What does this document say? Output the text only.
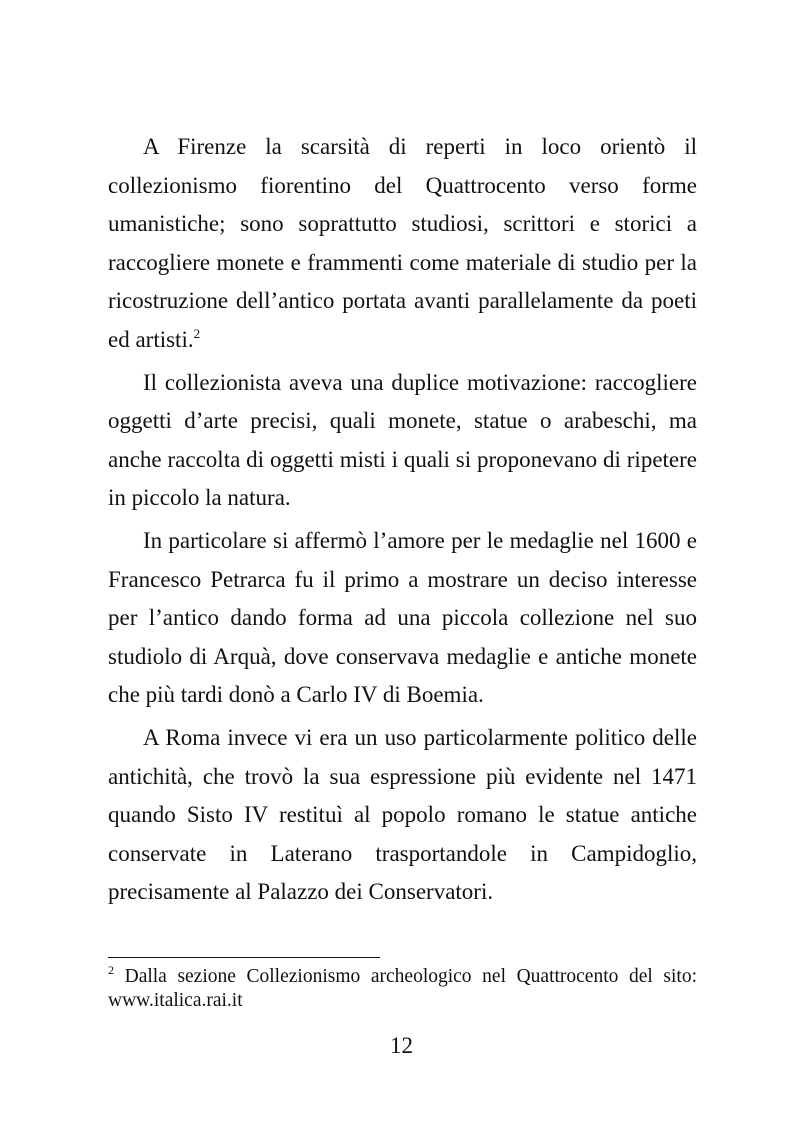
A Firenze la scarsità di reperti in loco orientò il collezionismo fiorentino del Quattrocento verso forme umanistiche; sono soprattutto studiosi, scrittori e storici a raccogliere monete e frammenti come materiale di studio per la ricostruzione dell’antico portata avanti parallelamente da poeti ed artisti.$^2$

Il collezionista aveva una duplice motivazione: raccogliere oggetti d’arte precisi, quali monete, statue o arabeschi, ma anche raccolta di oggetti misti i quali si proponevano di ripetere in piccolo la natura.

In particolare si affermò l’amore per le medaglie nel 1600 e Francesco Petrarca fu il primo a mostrare un deciso interesse per l’antico dando forma ad una piccola collezione nel suo studiolo di Arquà, dove conservava medaglie e antiche monete che più tardi donò a Carlo IV di Boemia.

A Roma invece vi era un uso particolarmente politico delle antichità, che trovò la sua espressione più evidente nel 1471 quando Sisto IV restituì al popolo romano le statue antiche conservate in Laterano trasportandole in Campidoglio, precisamente al Palazzo dei Conservatori.

$^2$ Dalla sezione Collezionismo archeologico nel Quattrocento del sito: www.italica.rai.it
12
